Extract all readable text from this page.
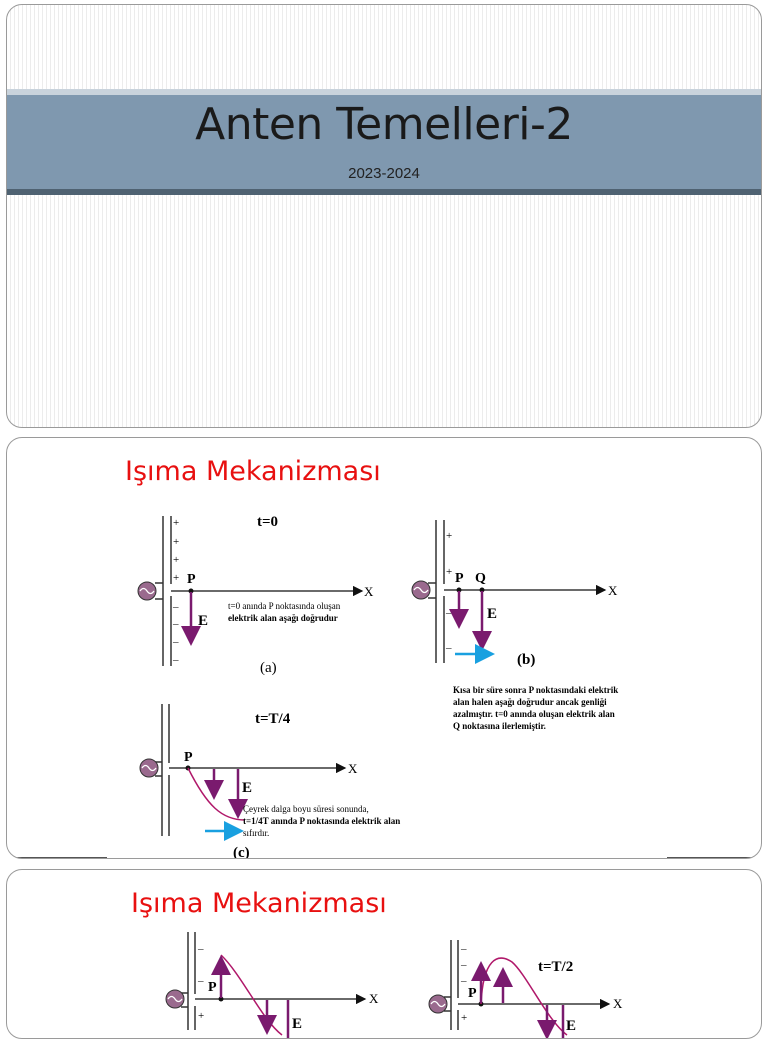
Anten Temelleri-2
2023-2024
Işıma Mekanizması
+
+
+
+
–
–
–
–
X
P
E
t=0
t=0 anında P noktasında oluşan
elektrik alan aşağı doğrudur
(a)
+
+
–
–
X
P Q
E
(b)
Kısa bir süre sonra P noktasındaki elektrik
alan halen aşağı doğrudur ancak genliği
azalmıştır. t=0 anında oluşan elektrik alan
Q noktasına ilerlemiştir.
X
P
E
t=T/4
Çeyrek dalga boyu süresi sonunda,
t=1/4T anında P noktasında elektrik alan
sıfırdır.
(c)
Işıma Mekanizması
–
–
+
X
P
E
–
–
–
+
X
P
E
t=T/2
